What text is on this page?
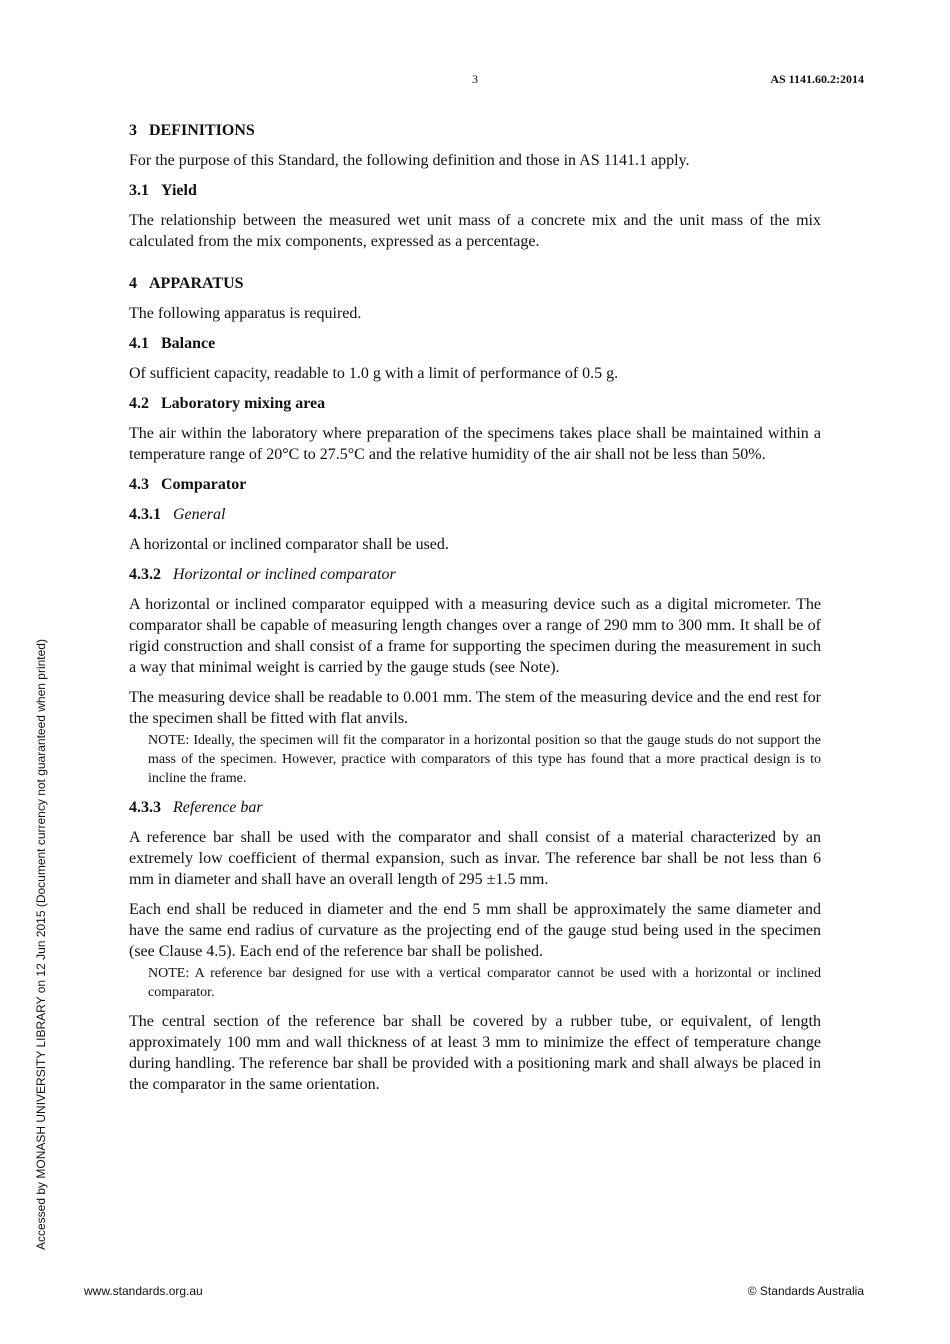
3	AS 1141.60.2:2014
3 DEFINITIONS

For the purpose of this Standard, the following definition and those in AS 1141.1 apply.

3.1 Yield

The relationship between the measured wet unit mass of a concrete mix and the unit mass of the mix calculated from the mix components, expressed as a percentage.

4 APPARATUS

The following apparatus is required.

4.1 Balance

Of sufficient capacity, readable to 1.0 g with a limit of performance of 0.5 g.

4.2 Laboratory mixing area

The air within the laboratory where preparation of the specimens takes place shall be maintained within a temperature range of 20°C to 27.5°C and the relative humidity of the air shall not be less than 50%.

4.3 Comparator
4.3.1 General

A horizontal or inclined comparator shall be used.

4.3.2 Horizontal or inclined comparator

A horizontal or inclined comparator equipped with a measuring device such as a digital micrometer. The comparator shall be capable of measuring length changes over a range of 290 mm to 300 mm. It shall be of rigid construction and shall consist of a frame for supporting the specimen during the measurement in such a way that minimal weight is carried by the gauge studs (see Note).

The measuring device shall be readable to 0.001 mm. The stem of the measuring device and the end rest for the specimen shall be fitted with flat anvils.

NOTE: Ideally, the specimen will fit the comparator in a horizontal position so that the gauge studs do not support the mass of the specimen. However, practice with comparators of this type has found that a more practical design is to incline the frame.
4.3.3 Reference bar

A reference bar shall be used with the comparator and shall consist of a material characterized by an extremely low coefficient of thermal expansion, such as invar. The reference bar shall be not less than 6 mm in diameter and shall have an overall length of 295 ±1.5 mm.

Each end shall be reduced in diameter and the end 5 mm shall be approximately the same diameter and have the same end radius of curvature as the projecting end of the gauge stud being used in the specimen (see Clause 4.5). Each end of the reference bar shall be polished.

NOTE: A reference bar designed for use with a vertical comparator cannot be used with a horizontal or inclined comparator.

The central section of the reference bar shall be covered by a rubber tube, or equivalent, of length approximately 100 mm and wall thickness of at least 3 mm to minimize the effect of temperature change during handling. The reference bar shall be provided with a positioning mark and shall always be placed in the comparator in the same orientation.

Accessed by MONASH UNIVERSITY LIBRARY on 12 Jun 2015 (Document currency not guaranteed when printed)
www.standards.org.au	© Standards Australia
